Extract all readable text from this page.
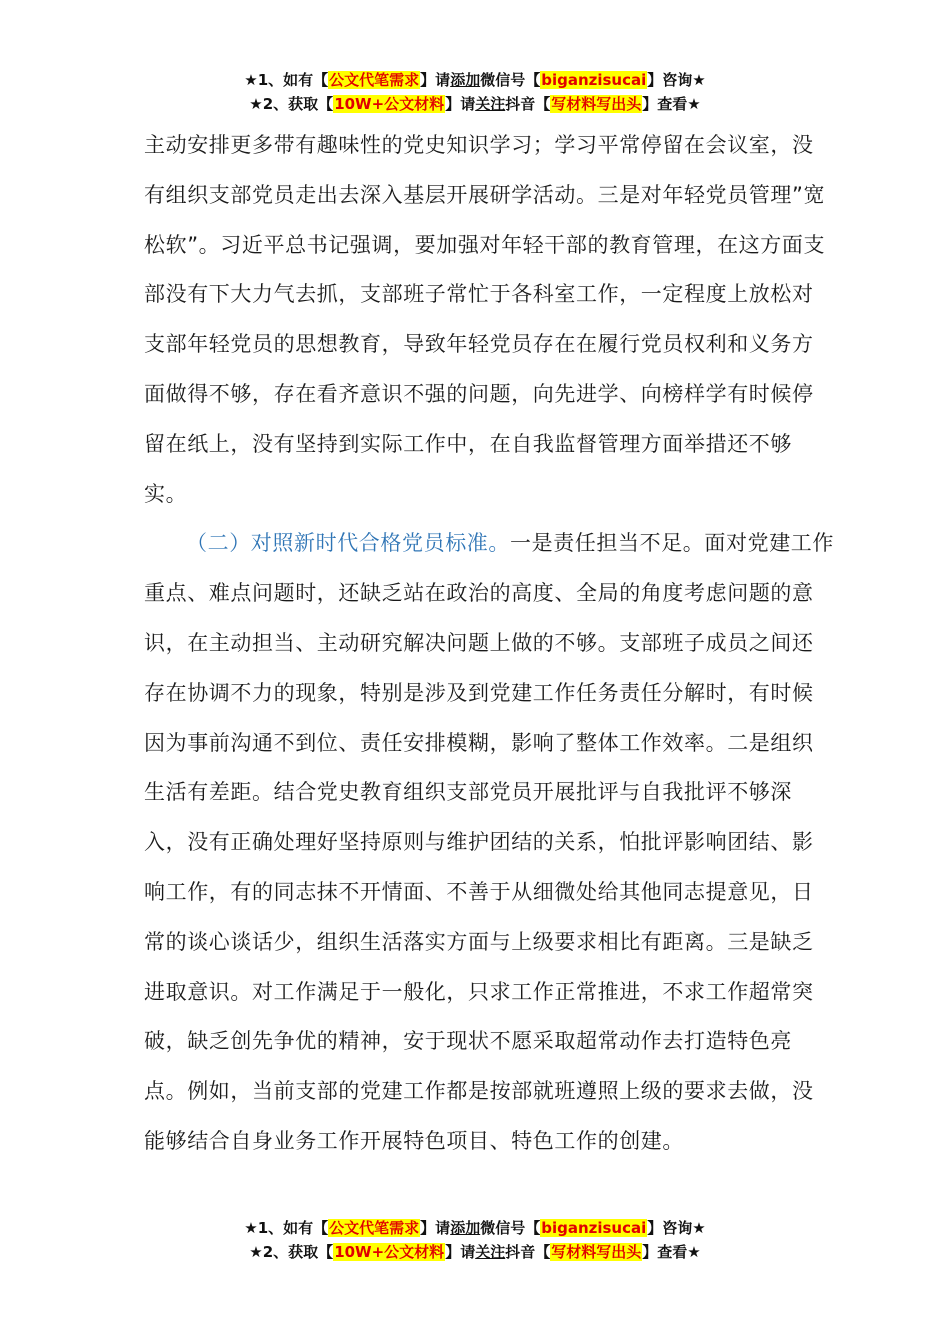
★1、如有【公文代笔需求】请添加微信号【biganzisucai】咨询★
★2、获取【10W+公文材料】请关注抖音【写材料写出头】查看★

主动安排更多带有趣味性的党史知识学习；学习平常停留在会议室，没有组织支部党员走出去深入基层开展研学活动。三是对年轻党员管理”宽松软”。习近平总书记强调，要加强对年轻干部的教育管理，在这方面支部没有下大力气去抓，支部班子常忙于各科室工作，一定程度上放松对支部年轻党员的思想教育，导致年轻党员存在在履行党员权利和义务方面做得不够，存在看齐意识不强的问题，向先进学、向榜样学有时候停留在纸上，没有坚持到实际工作中，在自我监督管理方面举措还不够实。

（二）对照新时代合格党员标准。一是责任担当不足。面对党建工作重点、难点问题时，还缺乏站在政治的高度、全局的角度考虑问题的意识，在主动担当、主动研究解决问题上做的不够。支部班子成员之间还存在协调不力的现象，特别是涉及到党建工作任务责任分解时，有时候因为事前沟通不到位、责任安排模糊，影响了整体工作效率。二是组织生活有差距。结合党史教育组织支部党员开展批评与自我批评不够深入，没有正确处理好坚持原则与维护团结的关系，怕批评影响团结、影响工作，有的同志抹不开情面、不善于从细微处给其他同志提意见，日常的谈心谈话少，组织生活落实方面与上级要求相比有距离。三是缺乏进取意识。对工作满足于一般化，只求工作正常推进，不求工作超常突破，缺乏创先争优的精神，安于现状不愿采取超常动作去打造特色亮点。例如，当前支部的党建工作都是按部就班遵照上级的要求去做，没能够结合自身业务工作开展特色项目、特色工作的创建。

★1、如有【公文代笔需求】请添加微信号【biganzisucai】咨询★
★2、获取【10W+公文材料】请关注抖音【写材料写出头】查看★
